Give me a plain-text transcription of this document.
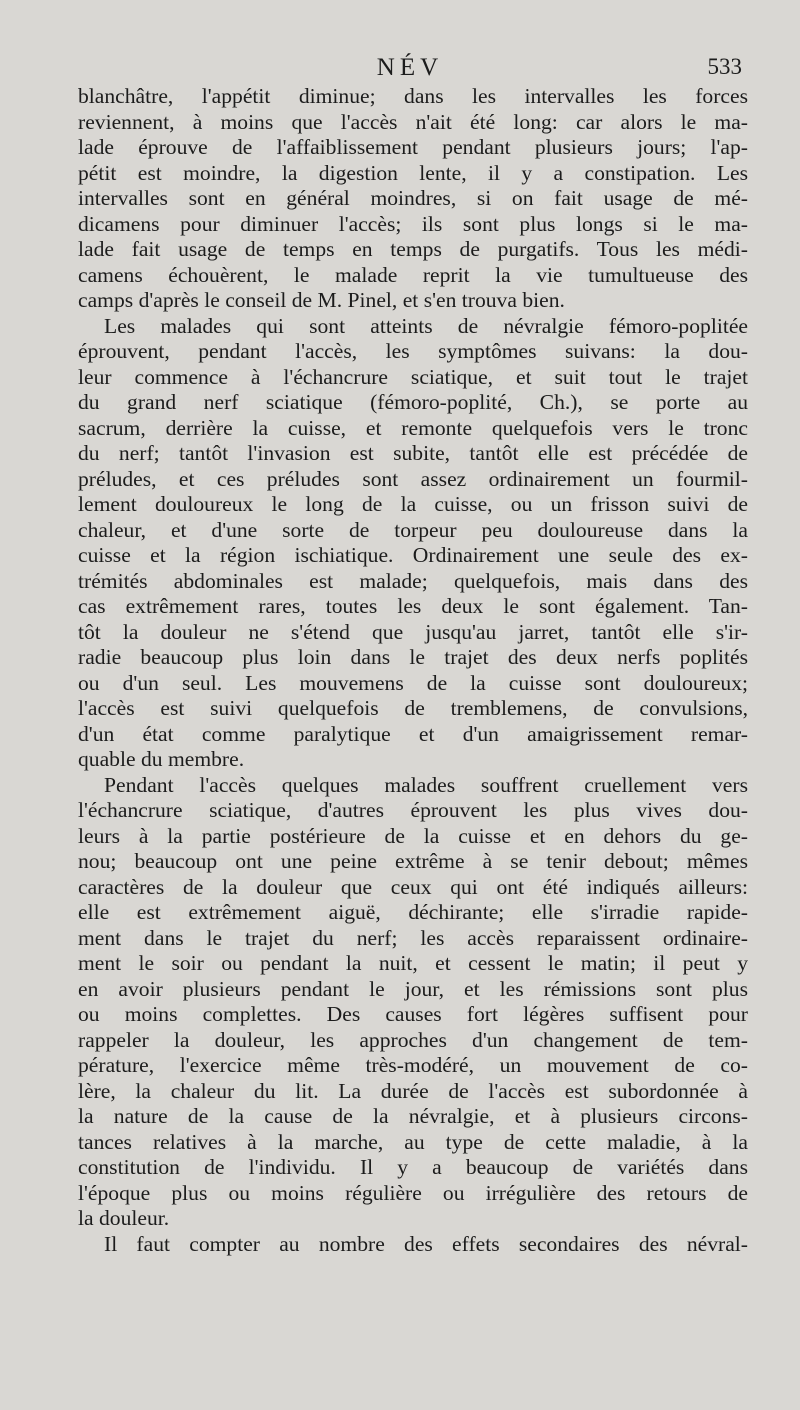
NÉV	533
blanchâtre, l'appétit diminue; dans les intervalles les forces
reviennent, à moins que l'accès n'ait été long: car alors le ma-
lade éprouve de l'affaiblissement pendant plusieurs jours; l'ap-
pétit est moindre, la digestion lente, il y a constipation. Les
intervalles sont en général moindres, si on fait usage de mé-
dicamens pour diminuer l'accès; ils sont plus longs si le ma-
lade fait usage de temps en temps de purgatifs. Tous les médi-
camens échouèrent, le malade reprit la vie tumultueuse des
camps d'après le conseil de M. Pinel, et s'en trouva bien.
Les malades qui sont atteints de névralgie fémoro-poplitée
éprouvent, pendant l'accès, les symptômes suivans: la dou-
leur commence à l'échancrure sciatique, et suit tout le trajet
du grand nerf sciatique (fémoro-poplité, Ch.), se porte au
sacrum, derrière la cuisse, et remonte quelquefois vers le tronc
du nerf; tantôt l'invasion est subite, tantôt elle est précédée de
préludes, et ces préludes sont assez ordinairement un fourmil-
lement douloureux le long de la cuisse, ou un frisson suivi de
chaleur, et d'une sorte de torpeur peu douloureuse dans la
cuisse et la région ischiatique. Ordinairement une seule des ex-
trémités abdominales est malade; quelquefois, mais dans des
cas extrêmement rares, toutes les deux le sont également. Tan-
tôt la douleur ne s'étend que jusqu'au jarret, tantôt elle s'ir-
radie beaucoup plus loin dans le trajet des deux nerfs poplités
ou d'un seul. Les mouvemens de la cuisse sont douloureux;
l'accès est suivi quelquefois de tremblemens, de convulsions,
d'un état comme paralytique et d'un amaigrissement remar-
quable du membre.
Pendant l'accès quelques malades souffrent cruellement vers
l'échancrure sciatique, d'autres éprouvent les plus vives dou-
leurs à la partie postérieure de la cuisse et en dehors du ge-
nou; beaucoup ont une peine extrême à se tenir debout; mêmes
caractères de la douleur que ceux qui ont été indiqués ailleurs:
elle est extrêmement aiguë, déchirante; elle s'irradie rapide-
ment dans le trajet du nerf; les accès reparaissent ordinaire-
ment le soir ou pendant la nuit, et cessent le matin; il peut y
en avoir plusieurs pendant le jour, et les rémissions sont plus
ou moins complettes. Des causes fort légères suffisent pour
rappeler la douleur, les approches d'un changement de tem-
pérature, l'exercice même très-modéré, un mouvement de co-
lère, la chaleur du lit. La durée de l'accès est subordonnée à
la nature de la cause de la névralgie, et à plusieurs circons-
tances relatives à la marche, au type de cette maladie, à la
constitution de l'individu. Il y a beaucoup de variétés dans
l'époque plus ou moins régulière ou irrégulière des retours de
la douleur.
Il faut compter au nombre des effets secondaires des névral-
